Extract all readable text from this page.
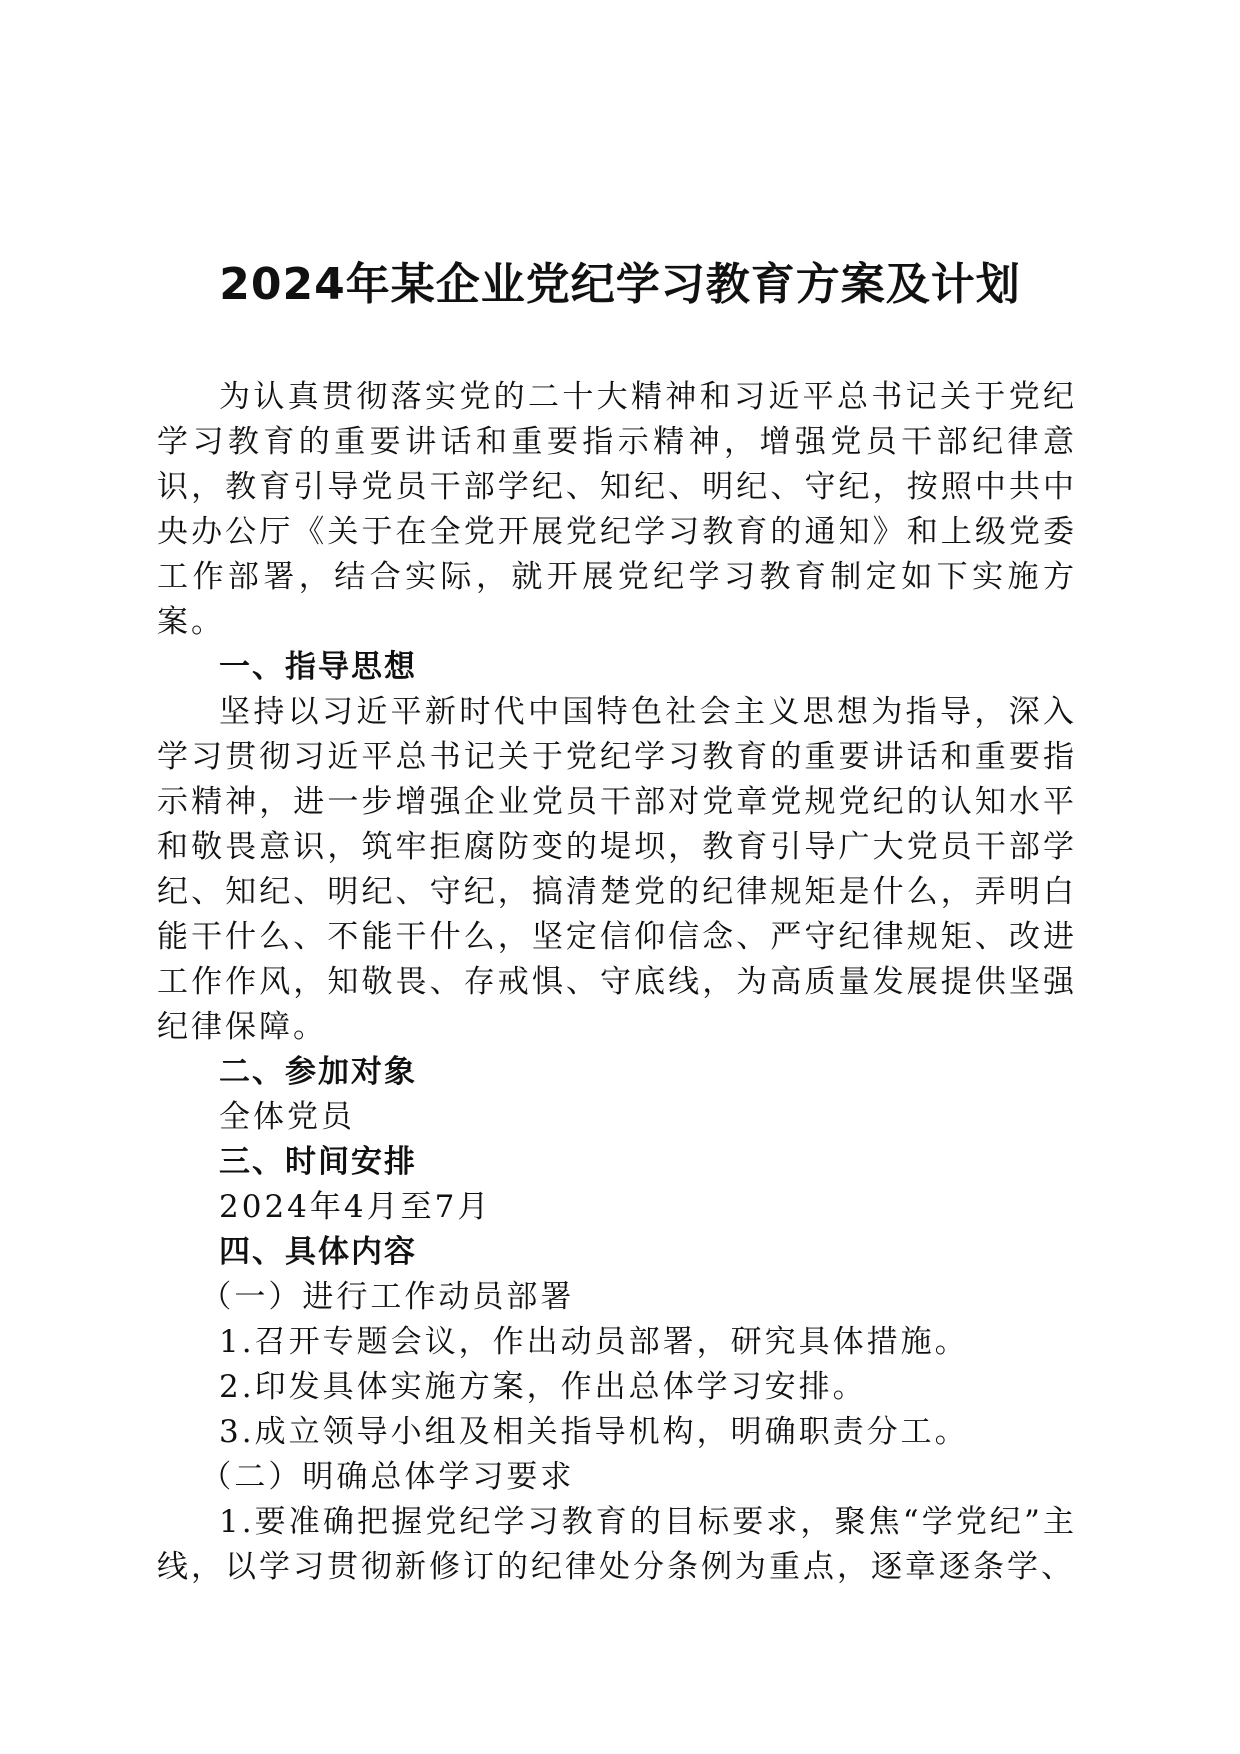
2024年某企业党纪学习教育方案及计划

为认真贯彻落实党的二十大精神和习近平总书记关于党纪学习教育的重要讲话和重要指示精神，增强党员干部纪律意识，教育引导党员干部学纪、知纪、明纪、守纪，按照中共中央办公厅《关于在全党开展党纪学习教育的通知》和上级党委工作部署，结合实际，就开展党纪学习教育制定如下实施方案。

一、指导思想

坚持以习近平新时代中国特色社会主义思想为指导，深入学习贯彻习近平总书记关于党纪学习教育的重要讲话和重要指示精神，进一步增强企业党员干部对党章党规党纪的认知水平和敬畏意识，筑牢拒腐防变的堤坝，教育引导广大党员干部学纪、知纪、明纪、守纪，搞清楚党的纪律规矩是什么，弄明白能干什么、不能干什么，坚定信仰信念、严守纪律规矩、改进工作作风，知敬畏、存戒惧、守底线，为高质量发展提供坚强纪律保障。

二、参加对象

全体党员

三、时间安排

2024年4月至7月

四、具体内容

（一）进行工作动员部署

1.召开专题会议，作出动员部署，研究具体措施。

2.印发具体实施方案，作出总体学习安排。

3.成立领导小组及相关指导机构，明确职责分工。

（二）明确总体学习要求

1.要准确把握党纪学习教育的目标要求，聚焦“学党纪”主线，以学习贯彻新修订的纪律处分条例为重点，逐章逐条学、
